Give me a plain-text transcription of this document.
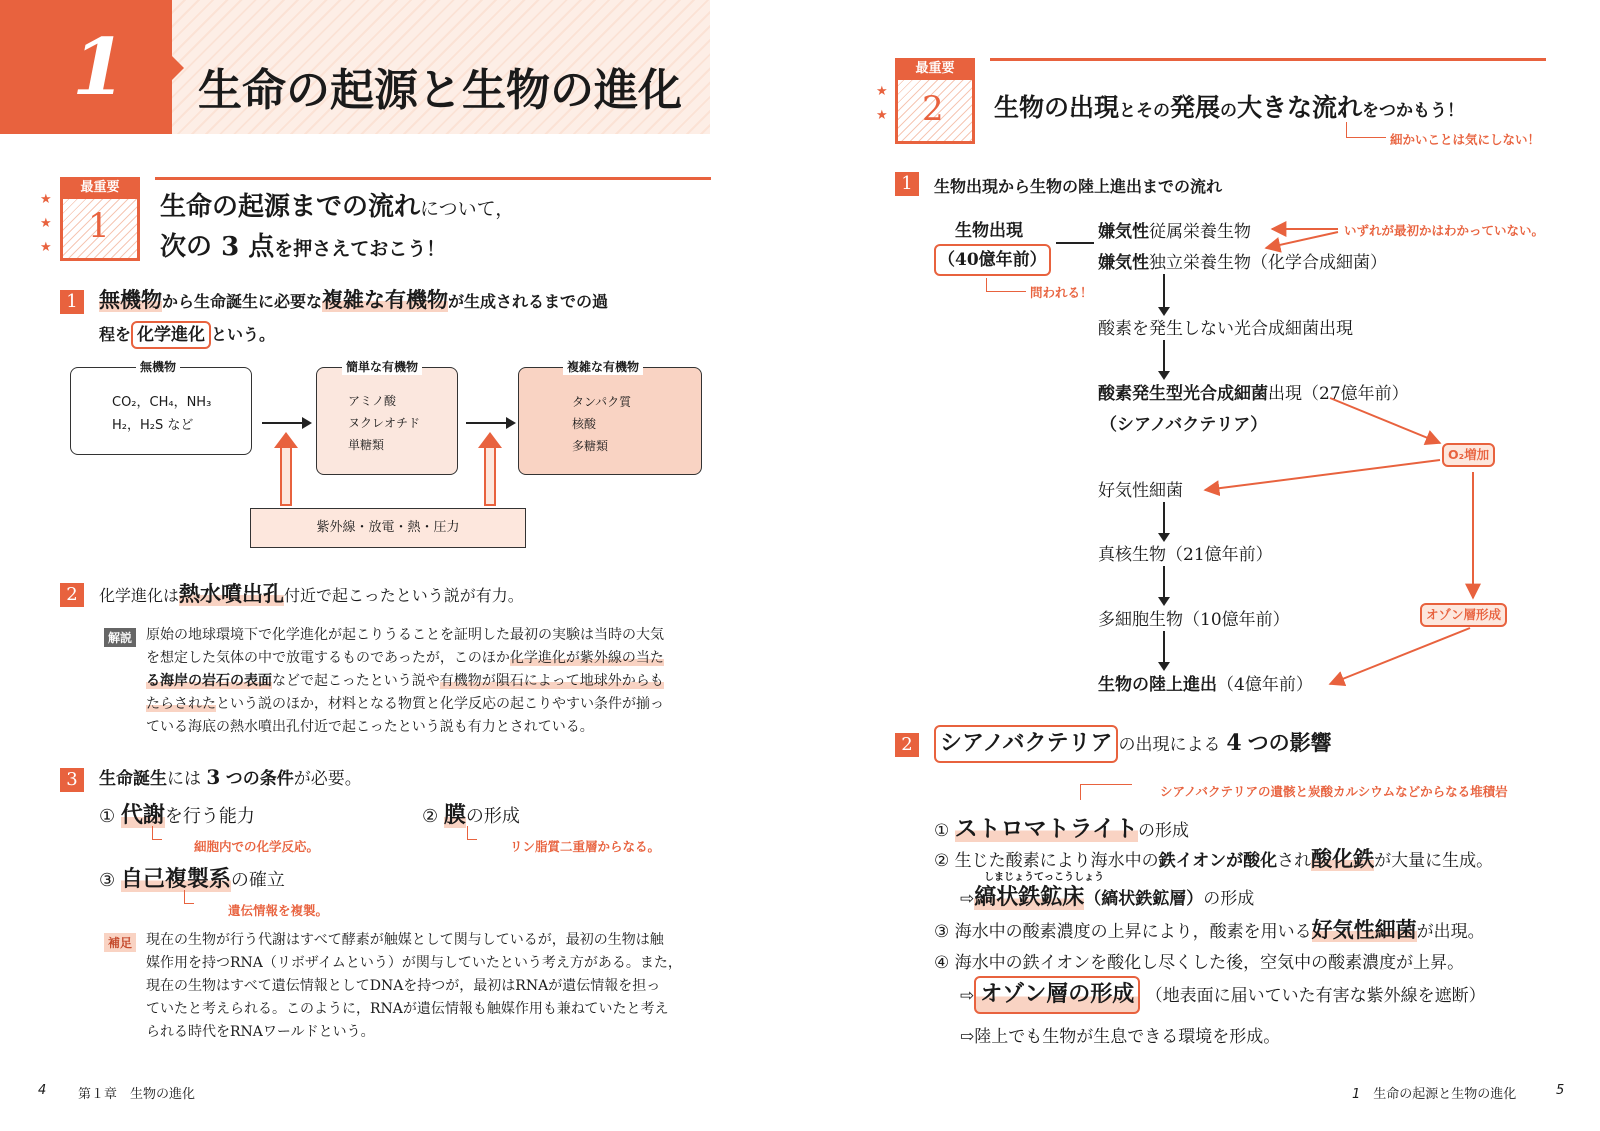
1 生命の起源と生物の進化
★
★
★
最重要
1 生命の起源までの流れについて，
次の 3 点を押さえておこう！
1 無機物から生命誕生に必要な複雑な有機物が生成されるまでの過
程を 化学進化 という。
無機物
CO₂，CH₄，NH₃
H₂，H₂S など
簡単な有機物
アミノ酸
ヌクレオチド
単糖類
複雑な有機物
タンパク質
核酸
多糖類
紫外線・放電・熱・圧力
2	化学進化は熱水噴出孔付近で起こったという説が有力。
解説 原始の地球環境下で化学進化が起こりうることを証明した最初の実験は当時の大気
を想定した気体の中で放電するものであったが，このほか化学進化が紫外線の当た
る海岸の岩石の表面などで起こったという説や有機物が隕石によって地球外からも
たらされたという説のほか，材料となる物質と化学反応の起こりやすい条件が揃っ
ている海底の熱水噴出孔付近で起こったという説も有力とされている。
3	生命誕生には 3 つの条件が必要。
① 代謝を行う能力
細胞内での化学反応。
② 膜の形成
リン脂質二重層からなる。
③ 自己複製系の確立
遺伝情報を複製。
補足 現在の生物が行う代謝はすべて酵素が触媒として関与しているが，最初の生物は触
媒作用を持つRNA（リボザイムという）が関与していたという考え方がある。また，
現在の生物はすべて遺伝情報としてDNAを持つが，最初はRNAが遺伝情報を担っ
ていたと考えられる。このように，RNAが遺伝情報も触媒作用も兼ねていたと考え
られる時代をRNAワールドという。
4 第１章　生物の進化
★
★
最重要
2 生物の出現とその発展の大きな流れをつかもう！
細かいことは気にしない！
1	生物出現から生物の陸上進出までの流れ
生物出現
（40億年前）
問われる！
嫌気性従属栄養生物
嫌気性独立栄養生物（化学合成細菌）
いずれが最初かはわかっていない。
酸素を発生しない光合成細菌出現
酸素発生型光合成細菌出現（27億年前）
（シアノバクテリア）
O₂増加
好気性細菌
真核生物（21億年前）
多細胞生物（10億年前）	オゾン層形成
生物の陸上進出（4億年前）
2 シアノバクテリア の出現による 4 つの影響
シアノバクテリアの遺骸と炭酸カルシウムなどからなる堆積岩
① ストロマトライトの形成
② 生じた酸素により海水中の鉄イオンが酸化され酸化鉄が大量に生成。
しまじょうてっこうしょう
⇨縞状鉄鉱床（縞状鉄鉱層）の形成
③ 海水中の酸素濃度の上昇により，酸素を用いる好気性細菌が出現。
④ 海水中の鉄イオンを酸化し尽くした後，空気中の酸素濃度が上昇。
⇨ オゾン層の形成 （地表面に届いていた有害な紫外線を遮断）
⇨陸上でも生物が生息できる環境を形成。
1　 生命の起源と生物の進化	5
